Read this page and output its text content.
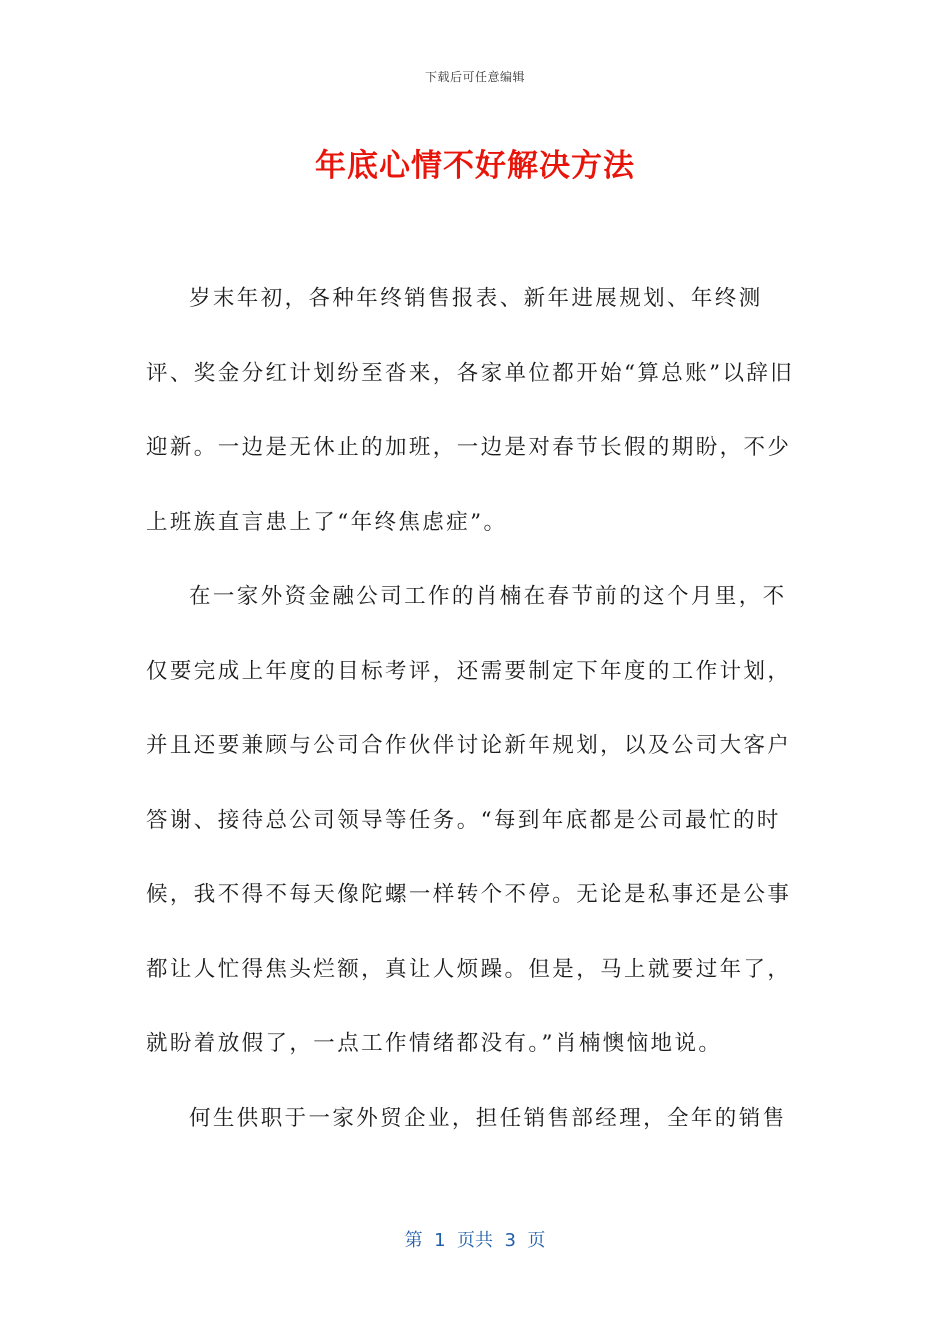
下载后可任意编辑
年底心情不好解决方法

岁末年初，各种年终销售报表、新年进展规划、年终测评、奖金分红计划纷至沓来，各家单位都开始“算总账”以辞旧迎新。一边是无休止的加班，一边是对春节长假的期盼，不少上班族直言患上了“年终焦虑症”。

在一家外资金融公司工作的肖楠在春节前的这个月里，不仅要完成上年度的目标考评，还需要制定下年度的工作计划，并且还要兼顾与公司合作伙伴讨论新年规划，以及公司大客户答谢、接待总公司领导等任务。“每到年底都是公司最忙的时候，我不得不每天像陀螺一样转个不停。无论是私事还是公事都让人忙得焦头烂额，真让人烦躁。但是，马上就要过年了，就盼着放假了，一点工作情绪都没有。”肖楠懊恼地说。

何生供职于一家外贸企业，担任销售部经理，全年的销售

第  1  页共  3  页
